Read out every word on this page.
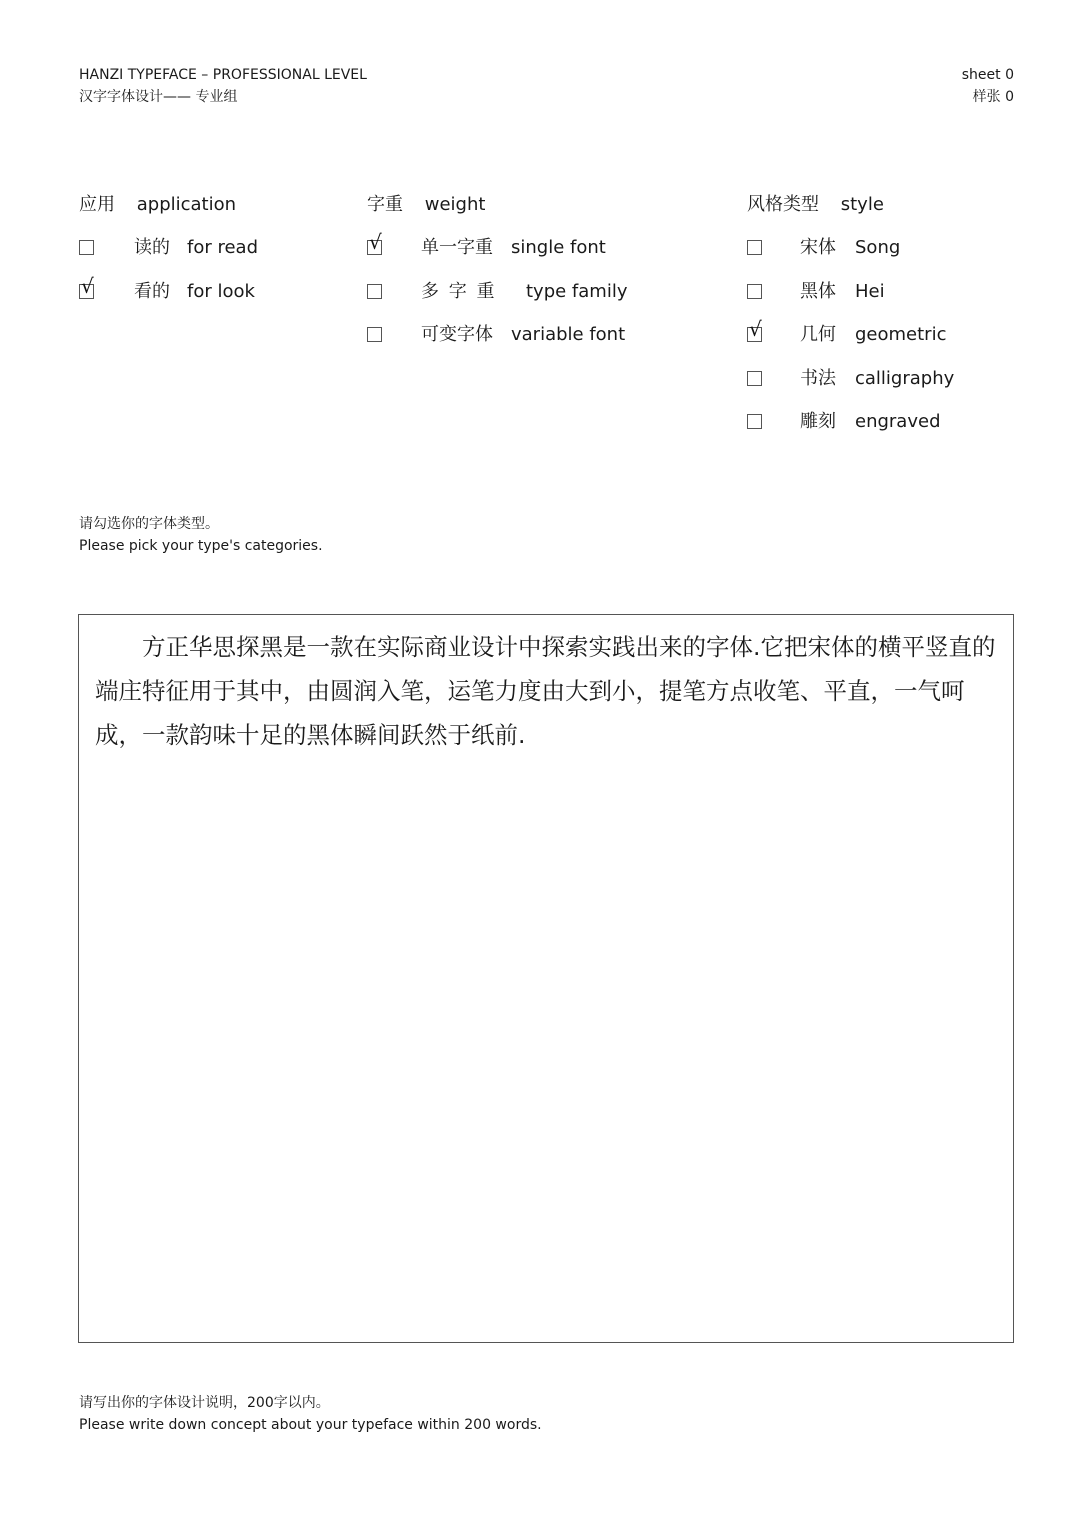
HANZI TYPEFACE – PROFESSIONAL LEVEL
汉字字体设计—— 专业组
sheet 0
样张 0
应用 application
读的 for read
√ 看的 for look
字重 weight
√ 单一字重 single font
多 字 重 type family
可变字体 variable font
风格类型 style
宋体 Song
黑体 Hei
√ 几何 geometric
书法 calligraphy
雕刻 engraved
请勾选你的字体类型。
Please pick your type's categories.

方正华思探黑是一款在实际商业设计中探索实践出来的字体.它把宋体的横平竖直的端庄特征用于其中，由圆润入笔，运笔力度由大到小，提笔方点收笔、平直，一气呵成，一款韵味十足的黑体瞬间跃然于纸前.

请写出你的字体设计说明，200字以内。
Please write down concept about your typeface within 200 words.
